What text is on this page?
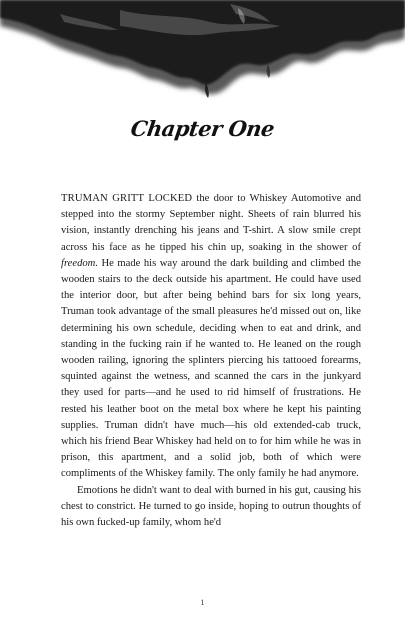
Chapter One

TRUMAN GRITT LOCKED the door to Whiskey Automotive and stepped into the stormy September night. Sheets of rain blurred his vision, instantly drenching his jeans and T-shirt. A slow smile crept across his face as he tipped his chin up, soaking in the shower of freedom. He made his way around the dark building and climbed the wooden stairs to the deck outside his apartment. He could have used the interior door, but after being behind bars for six long years, Truman took advantage of the small pleasures he'd missed out on, like determining his own schedule, deciding when to eat and drink, and standing in the fucking rain if he wanted to. He leaned on the rough wooden railing, ignoring the splinters piercing his tattooed forearms, squinted against the wetness, and scanned the cars in the junkyard they used for parts—and he used to rid himself of frustrations. He rested his leather boot on the metal box where he kept his painting supplies. Truman didn't have much—his old extended-cab truck, which his friend Bear Whiskey had held on to for him while he was in prison, this apartment, and a solid job, both of which were compliments of the Whiskey family. The only family he had anymore.

Emotions he didn't want to deal with burned in his gut, causing his chest to constrict. He turned to go inside, hoping to outrun thoughts of his own fucked-up family, whom he'd

1
